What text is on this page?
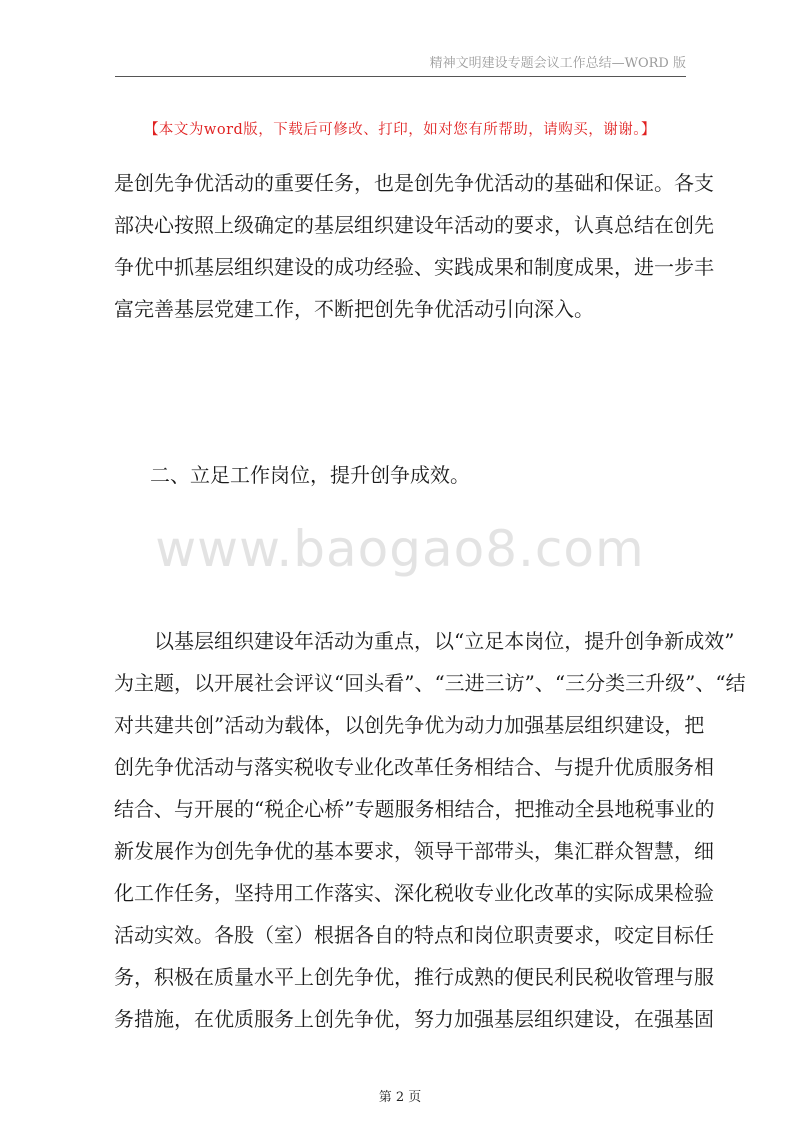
精神文明建设专题会议工作总结—WORD 版
【本文为word版，下载后可修改、打印，如对您有所帮助，请购买，谢谢。】
是创先争优活动的重要任务，也是创先争优活动的基础和保证。各支
部决心按照上级确定的基层组织建设年活动的要求，认真总结在创先
争优中抓基层组织建设的成功经验、实践成果和制度成果，进一步丰
富完善基层党建工作，不断把创先争优活动引向深入。
二、立足工作岗位，提升创争成效。
www.baogao8.com
　　以基层组织建设年活动为重点，以“立足本岗位，提升创争新成效”
为主题，以开展社会评议“回头看”、“三进三访”、“三分类三升级”、“结
对共建共创”活动为载体，以创先争优为动力加强基层组织建设，把
创先争优活动与落实税收专业化改革任务相结合、与提升优质服务相
结合、与开展的“税企心桥”专题服务相结合，把推动全县地税事业的
新发展作为创先争优的基本要求，领导干部带头，集汇群众智慧，细
化工作任务，坚持用工作落实、深化税收专业化改革的实际成果检验
活动实效。各股（室）根据各自的特点和岗位职责要求，咬定目标任
务，积极在质量水平上创先争优，推行成熟的便民利民税收管理与服
务措施，在优质服务上创先争优，努力加强基层组织建设，在强基固
第 2 页
